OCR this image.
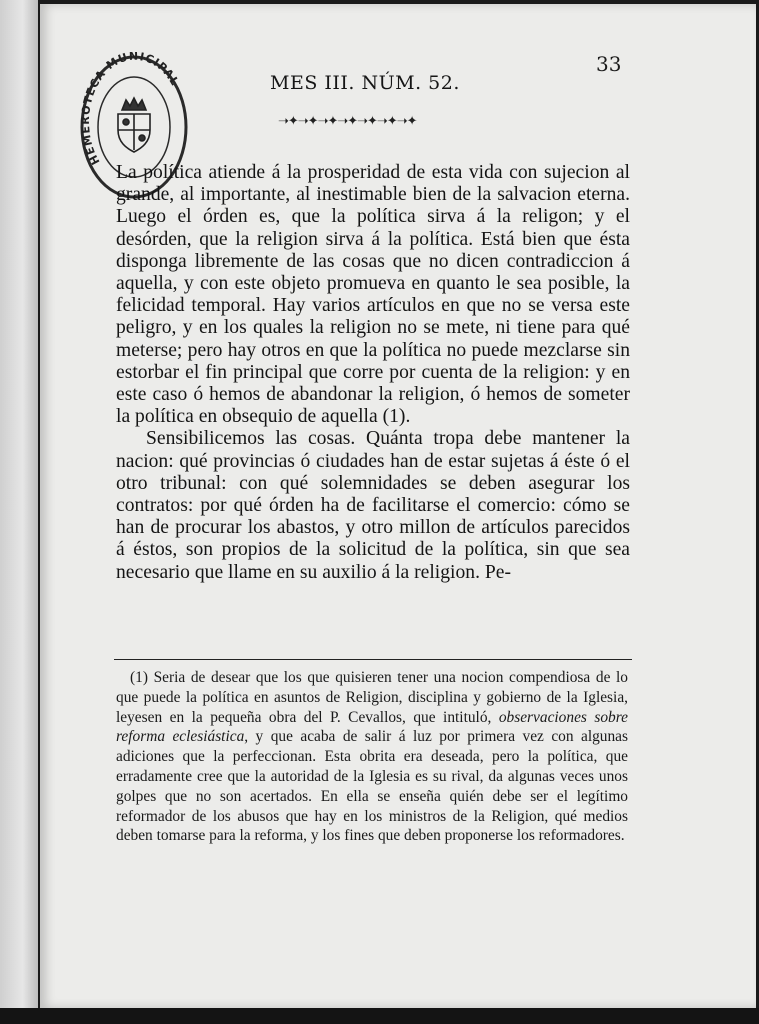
33
MES III. NÚM. 52.
➝✦➝✦➝✦➝✦➝✦➝✦➝✦
HEMEROTECA MUNICIPAL

La política atiende á la prosperidad de esta vida con sujecion al grande, al importante, al inestimable bien de la salvacion eterna. Luego el órden es, que la política sirva á la religon; y el desórden, que la religion sirva á la política. Está bien que ésta disponga libremente de las cosas que no dicen contradiccion á aquella, y con este objeto promueva en quanto le sea posible, la felicidad temporal. Hay varios artículos en que no se versa este peligro, y en los quales la religion no se mete, ni tiene para qué meterse; pero hay otros en que la política no puede mezclarse sin estorbar el fin principal que corre por cuenta de la religion: y en este caso ó hemos de abandonar la religion, ó hemos de someter la política en obsequio de aquella (1).

Sensibilicemos las cosas. Quánta tropa debe mantener la nacion: qué provincias ó ciudades han de estar sujetas á éste ó el otro tribunal: con qué solemnidades se deben asegurar los contratos: por qué órden ha de facilitarse el comercio: cómo se han de procurar los abastos, y otro millon de artículos parecidos á éstos, son propios de la solicitud de la política, sin que sea necesario que llame en su auxilio á la religion. Pe-

(1) Seria de desear que los que quisieren tener una nocion compendiosa de lo que puede la política en asuntos de Religion, disciplina y gobierno de la Iglesia, leyesen en la pequeña obra del P. Cevallos, que intituló, observaciones sobre reforma eclesiástica, y que acaba de salir á luz por primera vez con algunas adiciones que la perfeccionan. Esta obrita era deseada, pero la política, que erradamente cree que la autoridad de la Iglesia es su rival, da algunas veces unos golpes que no son acertados. En ella se enseña quién debe ser el legítimo reformador de los abusos que hay en los ministros de la Religion, qué medios deben tomarse para la reforma, y los fines que deben proponerse los reformadores.
